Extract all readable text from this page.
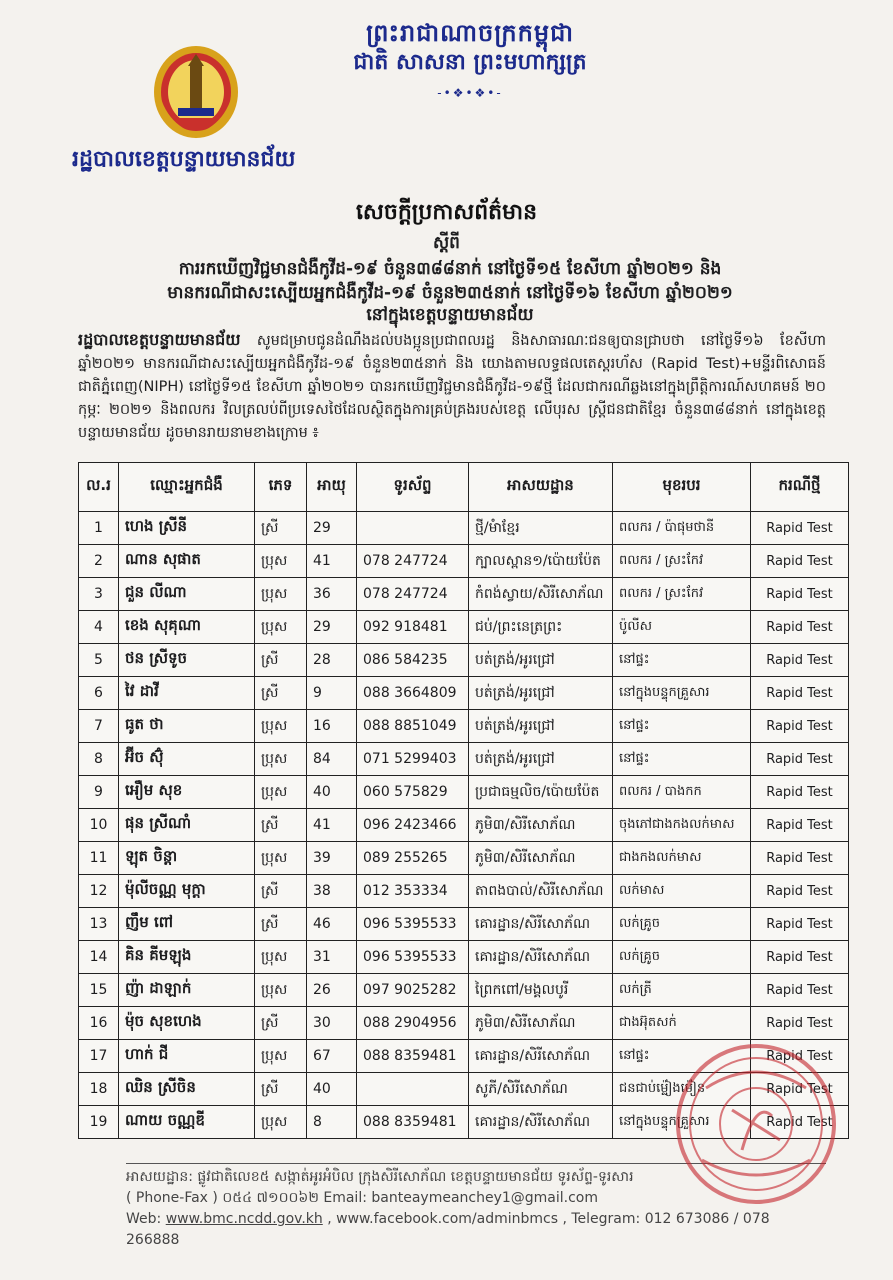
ព្រះរាជាណាចក្រកម្ពុជា
ជាតិ សាសនា ព្រះមហាក្សត្រ
-•❖•❖•-
រដ្ឋបាលខេត្តបន្ទាយមានជ័យ
សេចក្ដីប្រកាសព័ត៌មាន
ស្ដីពី
ការរកឃើញវិជ្ជមានជំងឺកូវីដ-១៩ ចំនួន៣៨៨នាក់ នៅថ្ងៃទី១៥ ខែសីហា ឆ្នាំ២០២១ និង
មានករណីជាសះស្បើយអ្នកជំងឺកូវីដ-១៩ ចំនួន២៣៥នាក់ នៅថ្ងៃទី១៦ ខែសីហា ឆ្នាំ២០២១
នៅក្នុងខេត្តបន្ទាយមានជ័យ
រដ្ឋបាលខេត្តបន្ទាយមានជ័យ សូមជម្រាបជូនដំណឹងដល់បងប្អូនប្រជាពលរដ្ឋ និងសាធារណៈជនឲ្យបានជ្រាបថា នៅថ្ងៃទី១៦ ខែសីហា ឆ្នាំ២០២១ មានករណីជាសះស្បើយអ្នកជំងឺកូវីដ-១៩ ចំនួន២៣៥នាក់ និង យោងតាមលទ្ធផលតេស្តរហ័ស (Rapid Test)+មន្ទីរពិសោធន៍ជាតិភ្នំពេញ(NIPH) នៅថ្ងៃទី១៥ ខែសីហា ឆ្នាំ២០២១ បានរកឃើញវិជ្ជមានជំងឺកូវីដ-១៩ថ្មី ដែលជាករណីឆ្លងនៅក្នុងព្រឹត្តិការណ៍សហគមន៍ ២០ កុម្ភៈ ២០២១ និងពលករ វិលត្រលប់ពីប្រទេសថៃដែលស្ថិតក្នុងការគ្រប់គ្រងរបស់ខេត្ត លើបុរស ស្ត្រីជនជាតិខ្មែរ ចំនួន៣៨៨នាក់ នៅក្នុងខេត្តបន្ទាយមានជ័យ ដូចមានរាយនាមខាងក្រោម ៖
ល.រ	ឈ្មោះអ្នកជំងឺ	ភេទ	អាយុ	ទូរស័ព្ទ	អាសយដ្ឋាន	មុខរបរ	ករណីថ្មី
1	ហេង ស្រីនី	ស្រី	29		ថ្មី/មំាខ្មែរ	ពលករ / ប៉ាផុមថានី	Rapid Test
2	ណាន សុផាត	ប្រុស	41	078 247724	ក្បាលស្ពាន១/ប៉ោយប៉ែត	ពលករ / ស្រះកែវ	Rapid Test
3	ជួន លីណា	ប្រុស	36	078 247724	កំពង់ស្វាយ/សិរីសោភ័ណ	ពលករ / ស្រះកែវ	Rapid Test
4	ខេង សុគុណា	ប្រុស	29	092 918481	ជប់/ព្រះនេត្រព្រះ	ប៉ូលីស	Rapid Test
5	ថន ស្រីទូច	ស្រី	28	086 584235	បត់ត្រង់/អូរជ្រៅ	នៅផ្ទះ	Rapid Test
6	វៃ ដាវី	ស្រី	9	088 3664809	បត់ត្រង់/អូរជ្រៅ	នៅក្នុងបន្ទុកគ្រួសារ	Rapid Test
7	ធូត ថា	ប្រុស	16	088 8851049	បត់ត្រង់/អូរជ្រៅ	នៅផ្ទះ	Rapid Test
8	អ៊ីច ស៊ុំ	ប្រុស	84	071 5299403	បត់ត្រង់/អូរជ្រៅ	នៅផ្ទះ	Rapid Test
9	អឿម សុខ	ប្រុស	40	060 575829	ប្រជាធម្មលិច/ប៉ោយប៉ែត	ពលករ / បាងកក	Rapid Test
10	ផុន ស្រីណាំ	ស្រី	41	096 2423466	ភូមិ៣/សិរីសោភ័ណ	ចុងភៅជាងកងលក់មាស	Rapid Test
11	ឡុត ចិន្តា	ប្រុស	39	089 255265	ភូមិ៣/សិរីសោភ័ណ	ជាងកងលក់មាស	Rapid Test
12	ម៉ុលីចណ្ណ មុក្តា	ស្រី	38	012 353334	តាពងបាល់/សិរីសោភ័ណ	លក់មាស	Rapid Test
13	ញឹម ពៅ	ស្រី	46	096 5395533	គោរដ្ឋាន/សិរីសោភ័ណ	លក់គ្រូច	Rapid Test
14	គិន គីមឡុង	ប្រុស	31	096 5395533	គោរដ្ឋាន/សិរីសោភ័ណ	លក់គ្រូច	Rapid Test
15	ញ៉ា ដាឡាក់	ប្រុស	26	097 9025282	ព្រៃកពៅ/មង្គលបូរី	លក់ត្រី	Rapid Test
16	ម៉ុច សុខហេង	ស្រី	30	088 2904956	ភូមិ៣/សិរីសោភ័ណ	ជាងអ៊ុតសក់	Rapid Test
17	ហាក់ ជី	ប្រុស	67	088 8359481	គោរដ្ឋាន/សិរីសោភ័ណ	នៅផ្ទះ	Rapid Test
18	ឈិន ស្រីចិន	ស្រី	40		សូភី/សិរីសោភ័ណ	ជនជាប់ម្ល៉ៀងម៉ៀន	Rapid Test
19	ណាយ ចណ្ណឌី	ប្រុស	8	088 8359481	គោរដ្ឋាន/សិរីសោភ័ណ	នៅក្នុងបន្ទុកគ្រួសារ	Rapid Test
អាសយដ្ឋាន: ផ្លូវជាតិលេខ៥ សង្កាត់អូរអំបិល ក្រុងសិរីសោភ័ណ ខេត្តបន្ទាយមានជ័យ ទូរស័ព្ទ-ទូរសារ
( Phone-Fax ) ០៥៤ ៧១០០៦២ Email: banteaymeanchey1@gmail.com
Web: www.bmc.ncdd.gov.kh , www.facebook.com/adminbmcs , Telegram: 012 673086 / 078 266888
